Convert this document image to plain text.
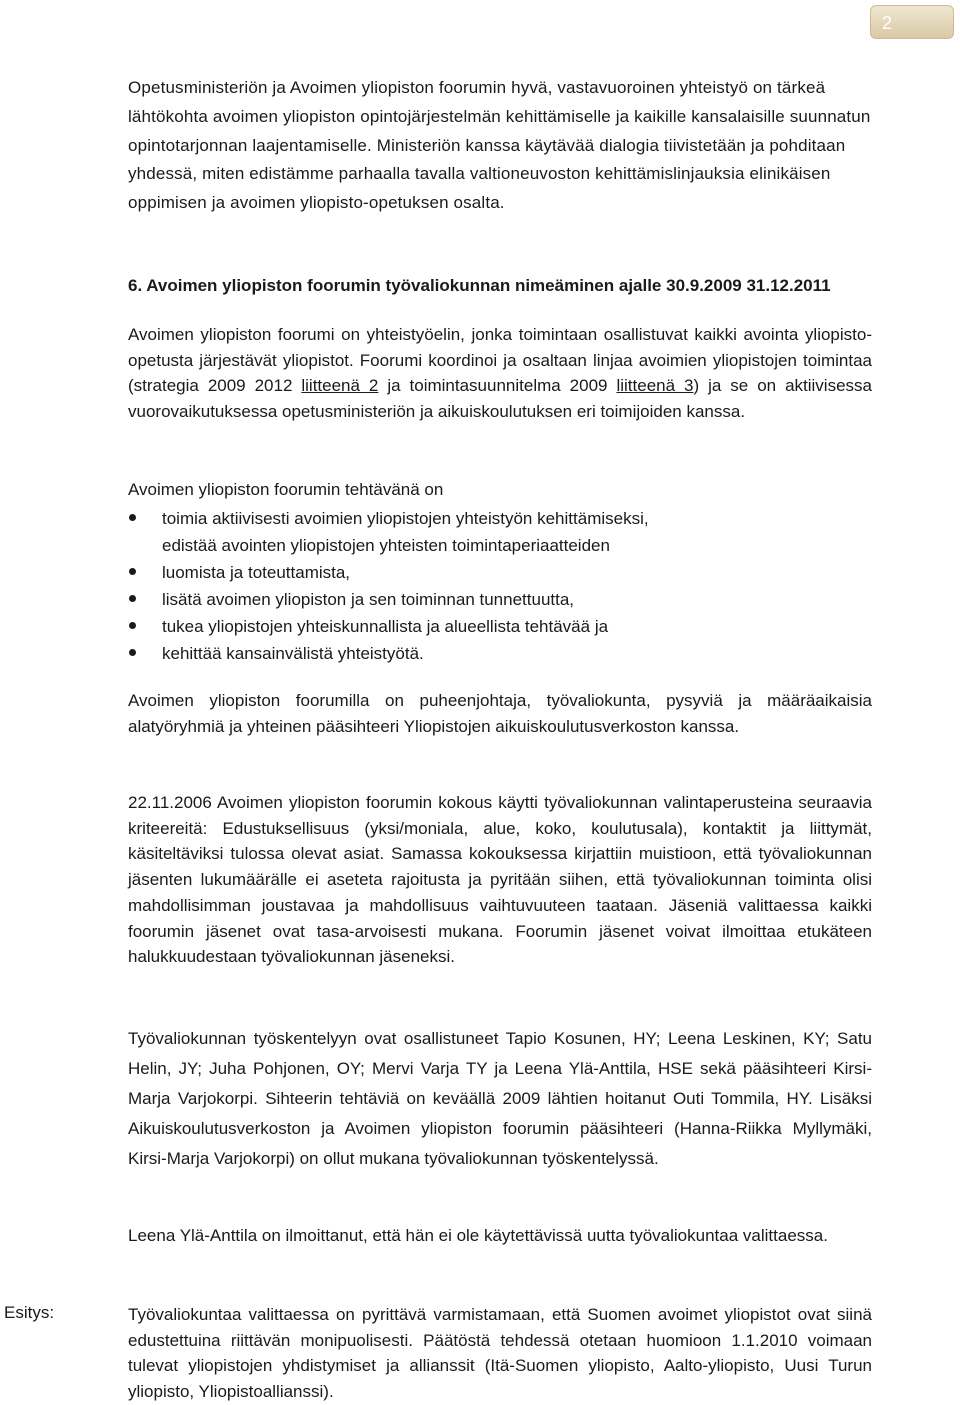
2

Opetusministeriön ja Avoimen yliopiston foorumin hyvä, vastavuoroinen yhteistyö on tärkeä lähtökohta avoimen yliopiston opintojärjestelmän kehittämiselle ja kaikille kansalaisille suunnatun opintotarjonnan laajentamiselle. Ministeriön kanssa käytävää dialogia tiivistetään ja pohditaan yhdessä, miten edistämme parhaalla tavalla valtioneuvoston kehittämislinjauksia elinikäisen oppimisen ja avoimen yliopisto-opetuksen osalta.

6. Avoimen yliopiston foorumin työvaliokunnan nimeäminen ajalle 30.9.2009 31.12.2011

Avoimen yliopiston foorumi on yhteistyöelin, jonka toimintaan osallistuvat kaikki avointa yliopisto-opetusta järjestävät yliopistot. Foorumi koordinoi ja osaltaan linjaa avoimien yliopistojen toimintaa (strategia 2009 2012 liitteenä 2 ja toimintasuunnitelma 2009 liitteenä 3) ja se on aktiivisessa vuorovaikutuksessa opetusministeriön ja aikuiskoulutuksen eri toimijoiden kanssa.

Avoimen yliopiston foorumin tehtävänä on

toimia aktiivisesti avoimien yliopistojen yhteistyön kehittämiseksi, edistää avointen yliopistojen yhteisten toimintaperiaatteiden
luomista ja toteuttamista,
lisätä avoimen yliopiston ja sen toiminnan tunnettuutta,
tukea yliopistojen yhteiskunnallista ja alueellista tehtävää ja
kehittää kansainvälistä yhteistyötä.

Avoimen yliopiston foorumilla on puheenjohtaja, työvaliokunta, pysyviä ja määräaikaisia alatyöryhmiä ja yhteinen pääsihteeri Yliopistojen aikuiskoulutusverkoston kanssa.

22.11.2006 Avoimen yliopiston foorumin kokous käytti työvaliokunnan valintaperusteina seuraavia kriteereitä: Edustuksellisuus (yksi/moniala, alue, koko, koulutusala), kontaktit ja liittymät, käsiteltäviksi tulossa olevat asiat. Samassa kokouksessa kirjattiin muistioon, että työvaliokunnan jäsenten lukumäärälle ei aseteta rajoitusta ja pyritään siihen, että työvaliokunnan toiminta olisi mahdollisimman joustavaa ja mahdollisuus vaihtuvuuteen taataan. Jäseniä valittaessa kaikki foorumin jäsenet ovat tasa-arvoisesti mukana. Foorumin jäsenet voivat ilmoittaa etukäteen halukkuudestaan työvaliokunnan jäseneksi.

Työvaliokunnan työskentelyyn ovat osallistuneet Tapio Kosunen, HY; Leena Leskinen, KY; Satu Helin, JY; Juha Pohjonen, OY; Mervi Varja TY ja Leena Ylä-Anttila, HSE sekä pääsihteeri Kirsi-Marja Varjokorpi. Sihteerin tehtäviä on keväällä 2009 lähtien hoitanut Outi Tommila, HY. Lisäksi Aikuiskoulutusverkoston ja Avoimen yliopiston foorumin pääsihteeri (Hanna-Riikka Myllymäki, Kirsi-Marja Varjokorpi) on ollut mukana työvaliokunnan työskentelyssä.

Leena Ylä-Anttila on ilmoittanut, että hän ei ole käytettävissä uutta työvaliokuntaa valittaessa.

Esitys:	Työvaliokuntaa valittaessa on pyrittävä varmistamaan, että Suomen avoimet yliopistot ovat siinä edustettuina riittävän monipuolisesti. Päätöstä tehdessä otetaan huomioon 1.1.2010 voimaan tulevat yliopistojen yhdistymiset ja allianssit (Itä-Suomen yliopisto, Aalto-yliopisto, Uusi Turun yliopisto, Yliopistoallianssi).
